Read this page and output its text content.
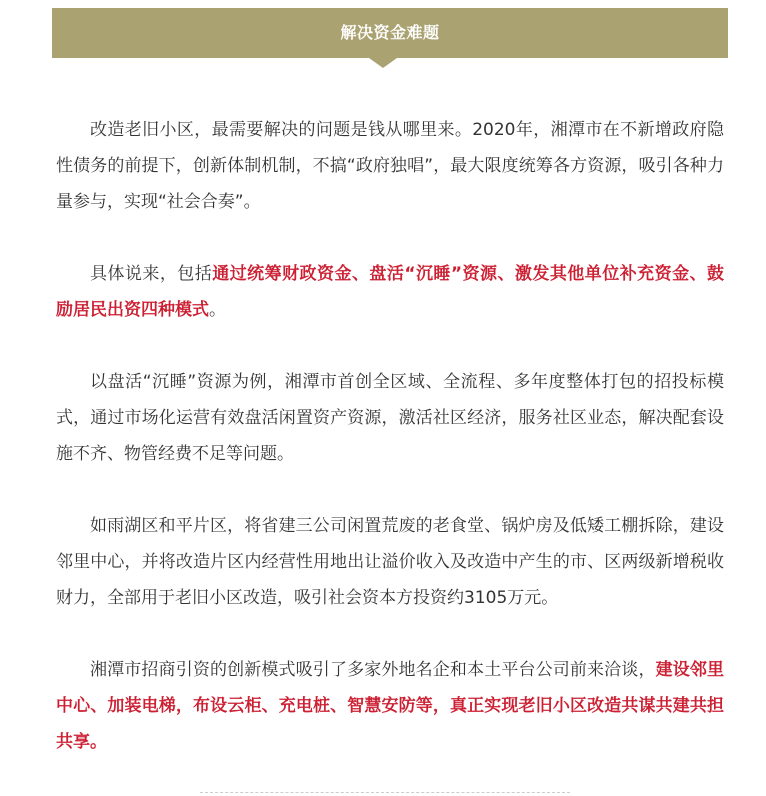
解决资金难题

改造老旧小区，最需要解决的问题是钱从哪里来。2020年，湘潭市在不新增政府隐性债务的前提下，创新体制机制，不搞“政府独唱”，最大限度统筹各方资源，吸引各种力量参与，实现“社会合奏”。

具体说来，包括通过统筹财政资金、盘活“沉睡”资源、激发其他单位补充资金、鼓励居民出资四种模式。

以盘活“沉睡”资源为例，湘潭市首创全区域、全流程、多年度整体打包的招投标模式，通过市场化运营有效盘活闲置资产资源，激活社区经济，服务社区业态，解决配套设施不齐、物管经费不足等问题。

如雨湖区和平片区，将省建三公司闲置荒废的老食堂、锅炉房及低矮工棚拆除，建设邻里中心，并将改造片区内经营性用地出让溢价收入及改造中产生的市、区两级新增税收财力，全部用于老旧小区改造，吸引社会资本方投资约3105万元。

湘潭市招商引资的创新模式吸引了多家外地名企和本土平台公司前来洽谈，建设邻里中心、加装电梯，布设云柜、充电桩、智慧安防等，真正实现老旧小区改造共谋共建共担共享。
